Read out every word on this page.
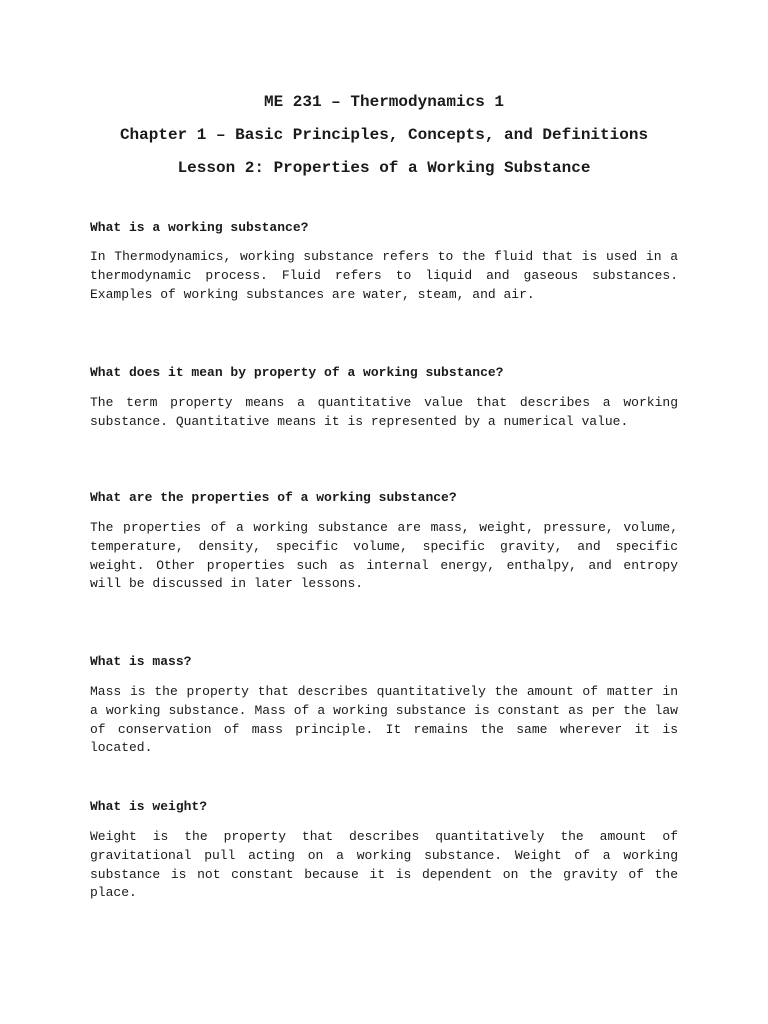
ME 231 – Thermodynamics 1
Chapter 1 – Basic Principles, Concepts, and Definitions
Lesson 2: Properties of a Working Substance

What is a working substance?

In Thermodynamics, working substance refers to the fluid that is used in a thermodynamic process. Fluid refers to liquid and gaseous substances. Examples of working substances are water, steam, and air.

What does it mean by property of a working substance?

The term property means a quantitative value that describes a working substance. Quantitative means it is represented by a numerical value.

What are the properties of a working substance?

The properties of a working substance are mass, weight, pressure, volume, temperature, density, specific volume, specific gravity, and specific weight. Other properties such as internal energy, enthalpy, and entropy will be discussed in later lessons.

What is mass?

Mass is the property that describes quantitatively the amount of matter in a working substance. Mass of a working substance is constant as per the law of conservation of mass principle. It remains the same wherever it is located.

What is weight?

Weight is the property that describes quantitatively the amount of gravitational pull acting on a working substance. Weight of a working substance is not constant because it is dependent on the gravity of the place.
